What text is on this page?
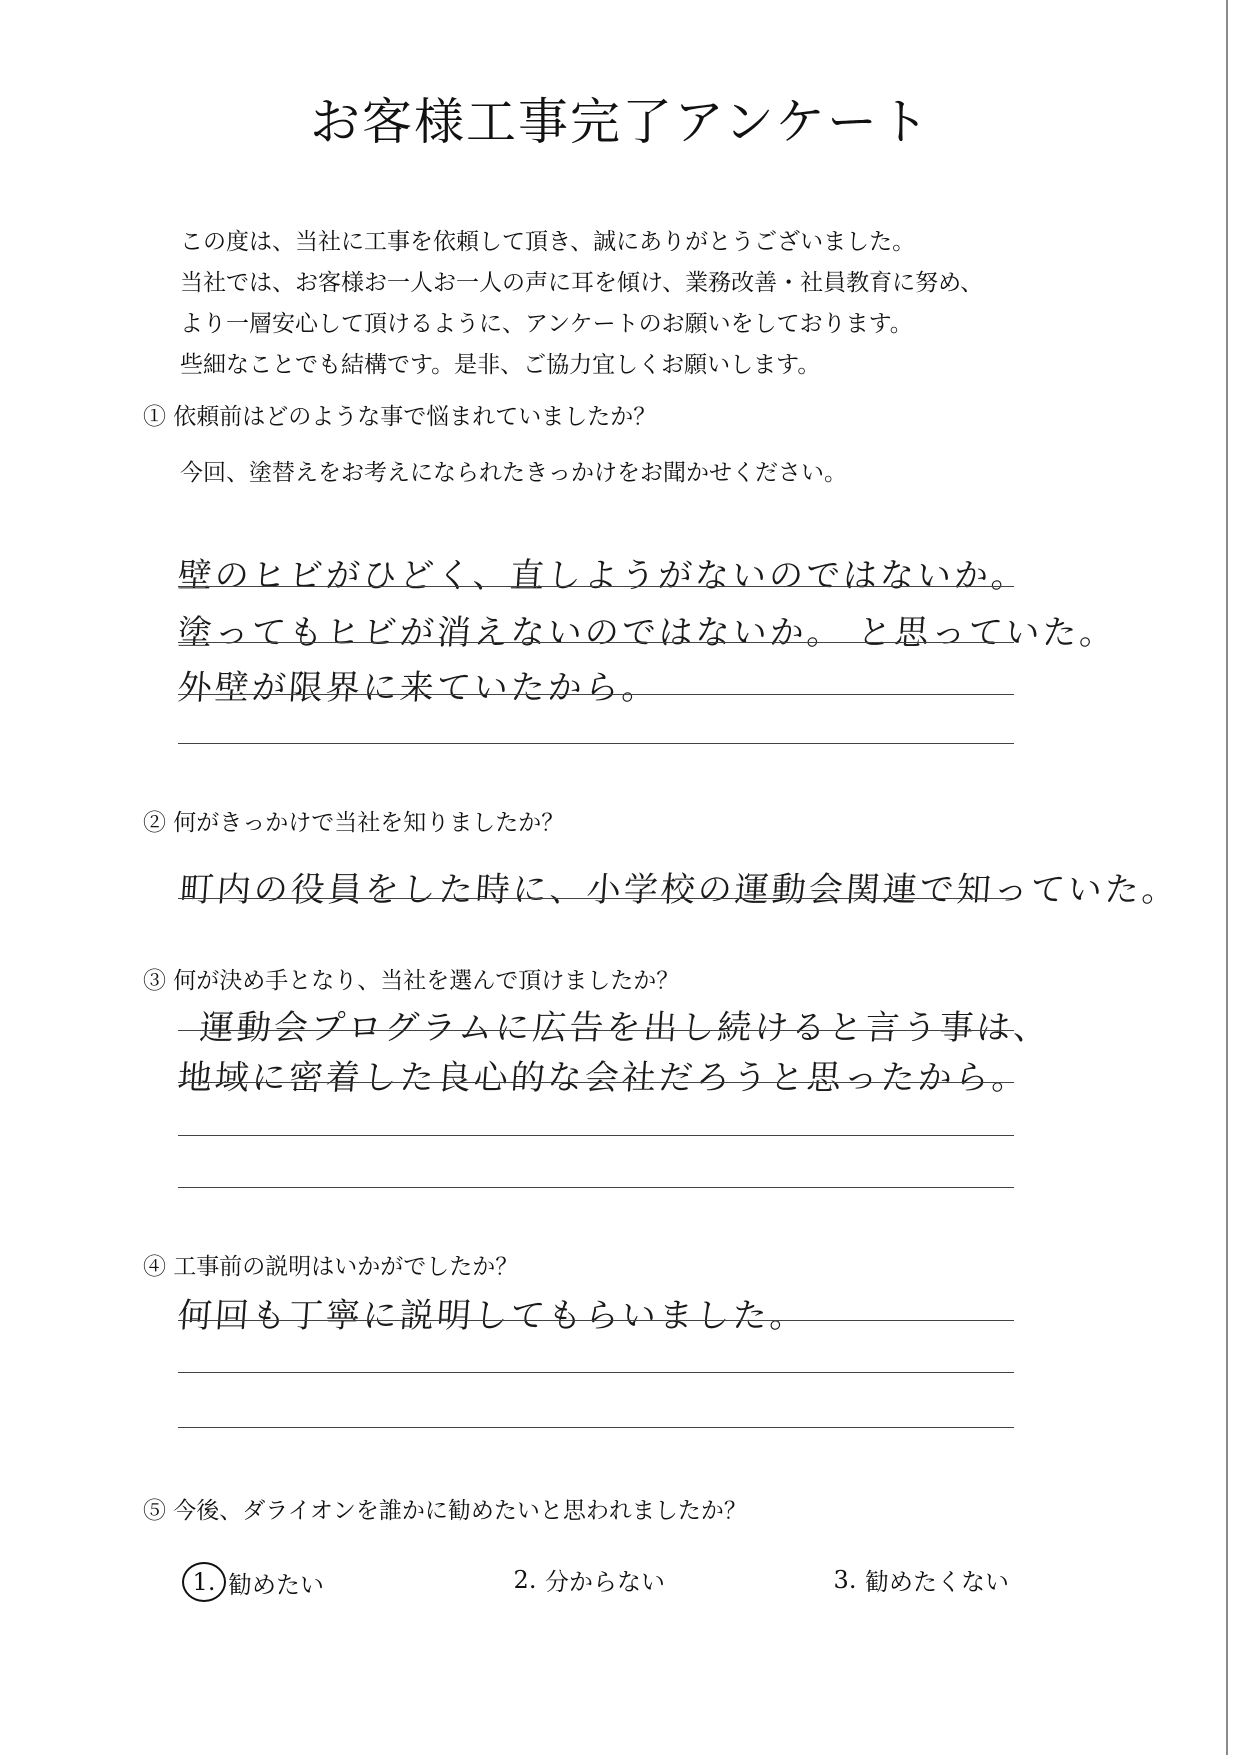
お客様工事完了アンケート
この度は、当社に工事を依頼して頂き、誠にありがとうございました。
当社では、お客様お一人お一人の声に耳を傾け、業務改善・社員教育に努め、
より一層安心して頂けるように、アンケートのお願いをしております。
些細なことでも結構です。是非、ご協力宜しくお願いします。
① 依頼前はどのような事で悩まれていましたか？
今回、塗替えをお考えになられたきっかけをお聞かせください。
壁のヒビがひどく、直しようがないのではないか。
塗ってもヒビが消えないのではないか。 と思っていた。
外壁が限界に来ていたから。
② 何がきっかけで当社を知りましたか？
町内の役員をした時に、小学校の運動会関連で知っていた。
③ 何が決め手となり、当社を選んで頂けましたか？
運動会プログラムに広告を出し続けると言う事は、
地域に密着した良心的な会社だろうと思ったから。
④ 工事前の説明はいかがでしたか？
何回も丁寧に説明してもらいました。
⑤ 今後、ダライオンを誰かに勧めたいと思われましたか？
1. 勧めたい	2. 分からない	3. 勧めたくない
